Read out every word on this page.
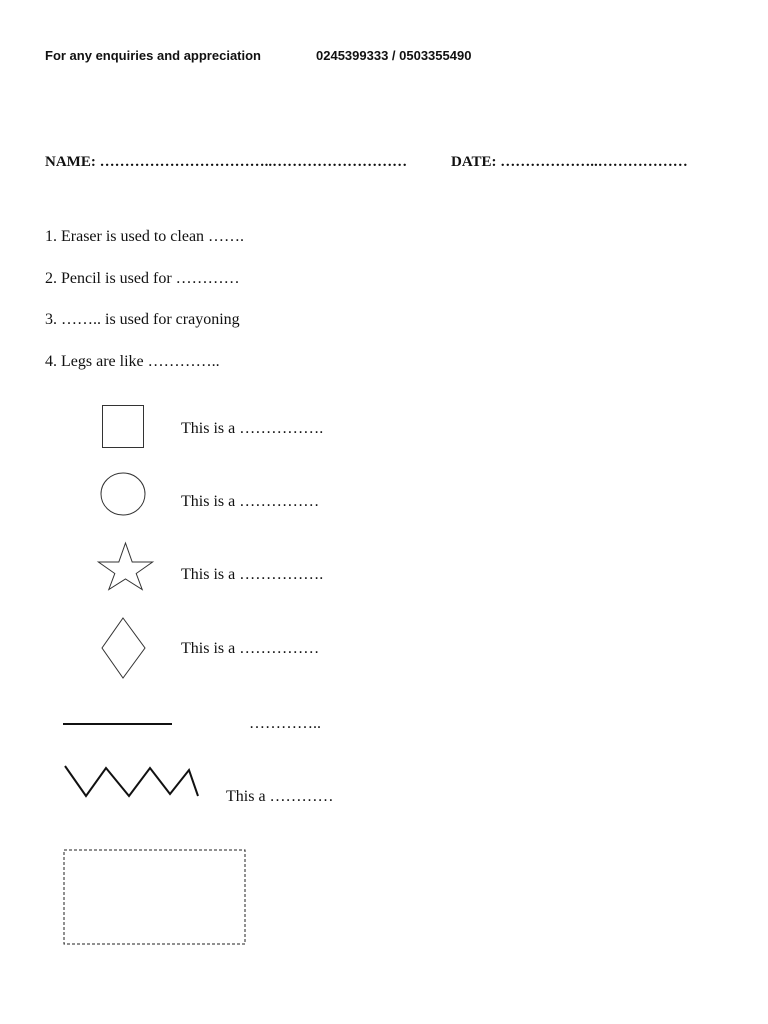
For any enquiries and appreciation	0245399333 / 0503355490
NAME: ……………………………..………………………	DATE: ………………..………………
1. Eraser is used to clean …….
2. Pencil is used for …………
3. …….. is used for crayoning
4. Legs are like …………..
This is a …………….
This is a ……………
This is a …………….
This is a ……………
…………..
This a …………
